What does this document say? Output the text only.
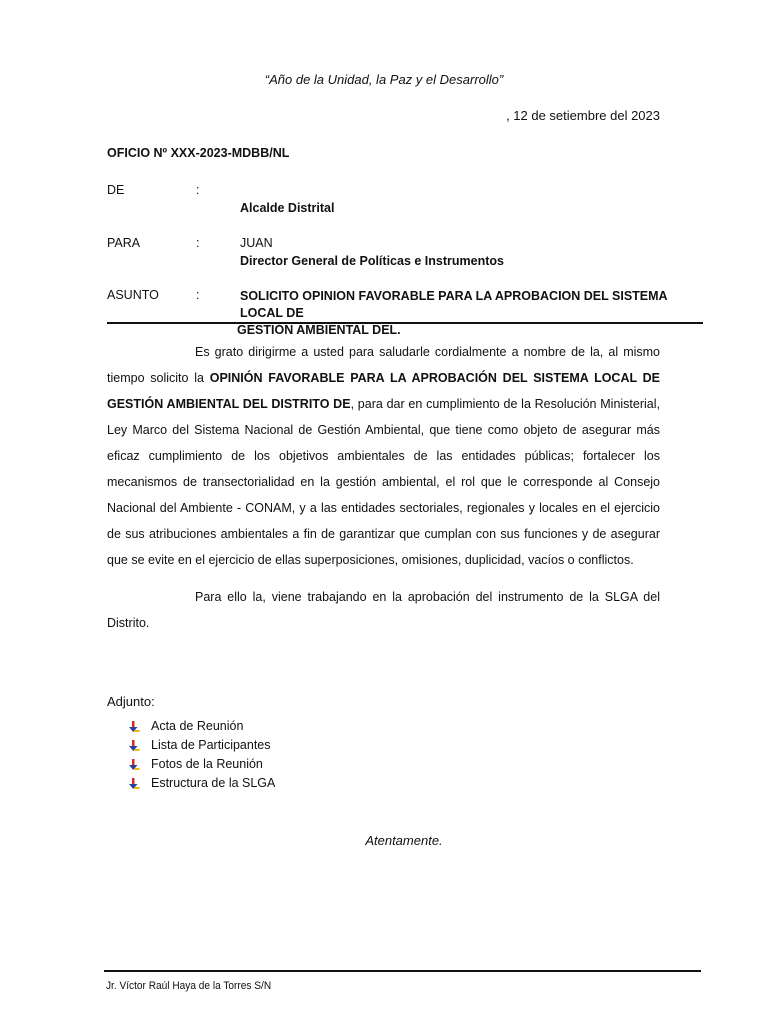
“Año de la Unidad, la Paz y el Desarrollo”
, 12 de setiembre del 2023
OFICIO Nº XXX-2023-MDBB/NL
DE	:
Alcalde Distrital
PARA	:	JUAN
Director General de Políticas e Instrumentos
ASUNTO	:	SOLICITO OPINION FAVORABLE PARA LA APROBACION DEL SISTEMA LOCAL DE
GESTIÓN AMBIENTAL DEL.
Es grato dirigirme a usted para saludarle cordialmente a nombre de la, al mismo tiempo solicito la OPINIÓN FAVORABLE PARA LA APROBACIÓN DEL SISTEMA LOCAL DE GESTIÓN AMBIENTAL DEL DISTRITO DE, para dar en cumplimiento de la Resolución Ministerial, Ley Marco del Sistema Nacional de Gestión Ambiental, que tiene como objeto de asegurar más eficaz cumplimiento de los objetivos ambientales de las entidades públicas; fortalecer los mecanismos de transectorialidad en la gestión ambiental, el rol que le corresponde al Consejo Nacional del Ambiente - CONAM, y a las entidades sectoriales, regionales y locales en el ejercicio de sus atribuciones ambientales a fin de garantizar que cumplan con sus funciones y de asegurar que se evite en el ejercicio de ellas superposiciones, omisiones, duplicidad, vacíos o conflictos.
Para ello la, viene trabajando en la aprobación del instrumento de la SLGA del Distrito.
Adjunto:
Acta de Reunión
Lista de Participantes
Fotos de la Reunión
Estructura de la SLGA
Atentamente.
Jr. Víctor Raúl Haya de la Torres S/N
